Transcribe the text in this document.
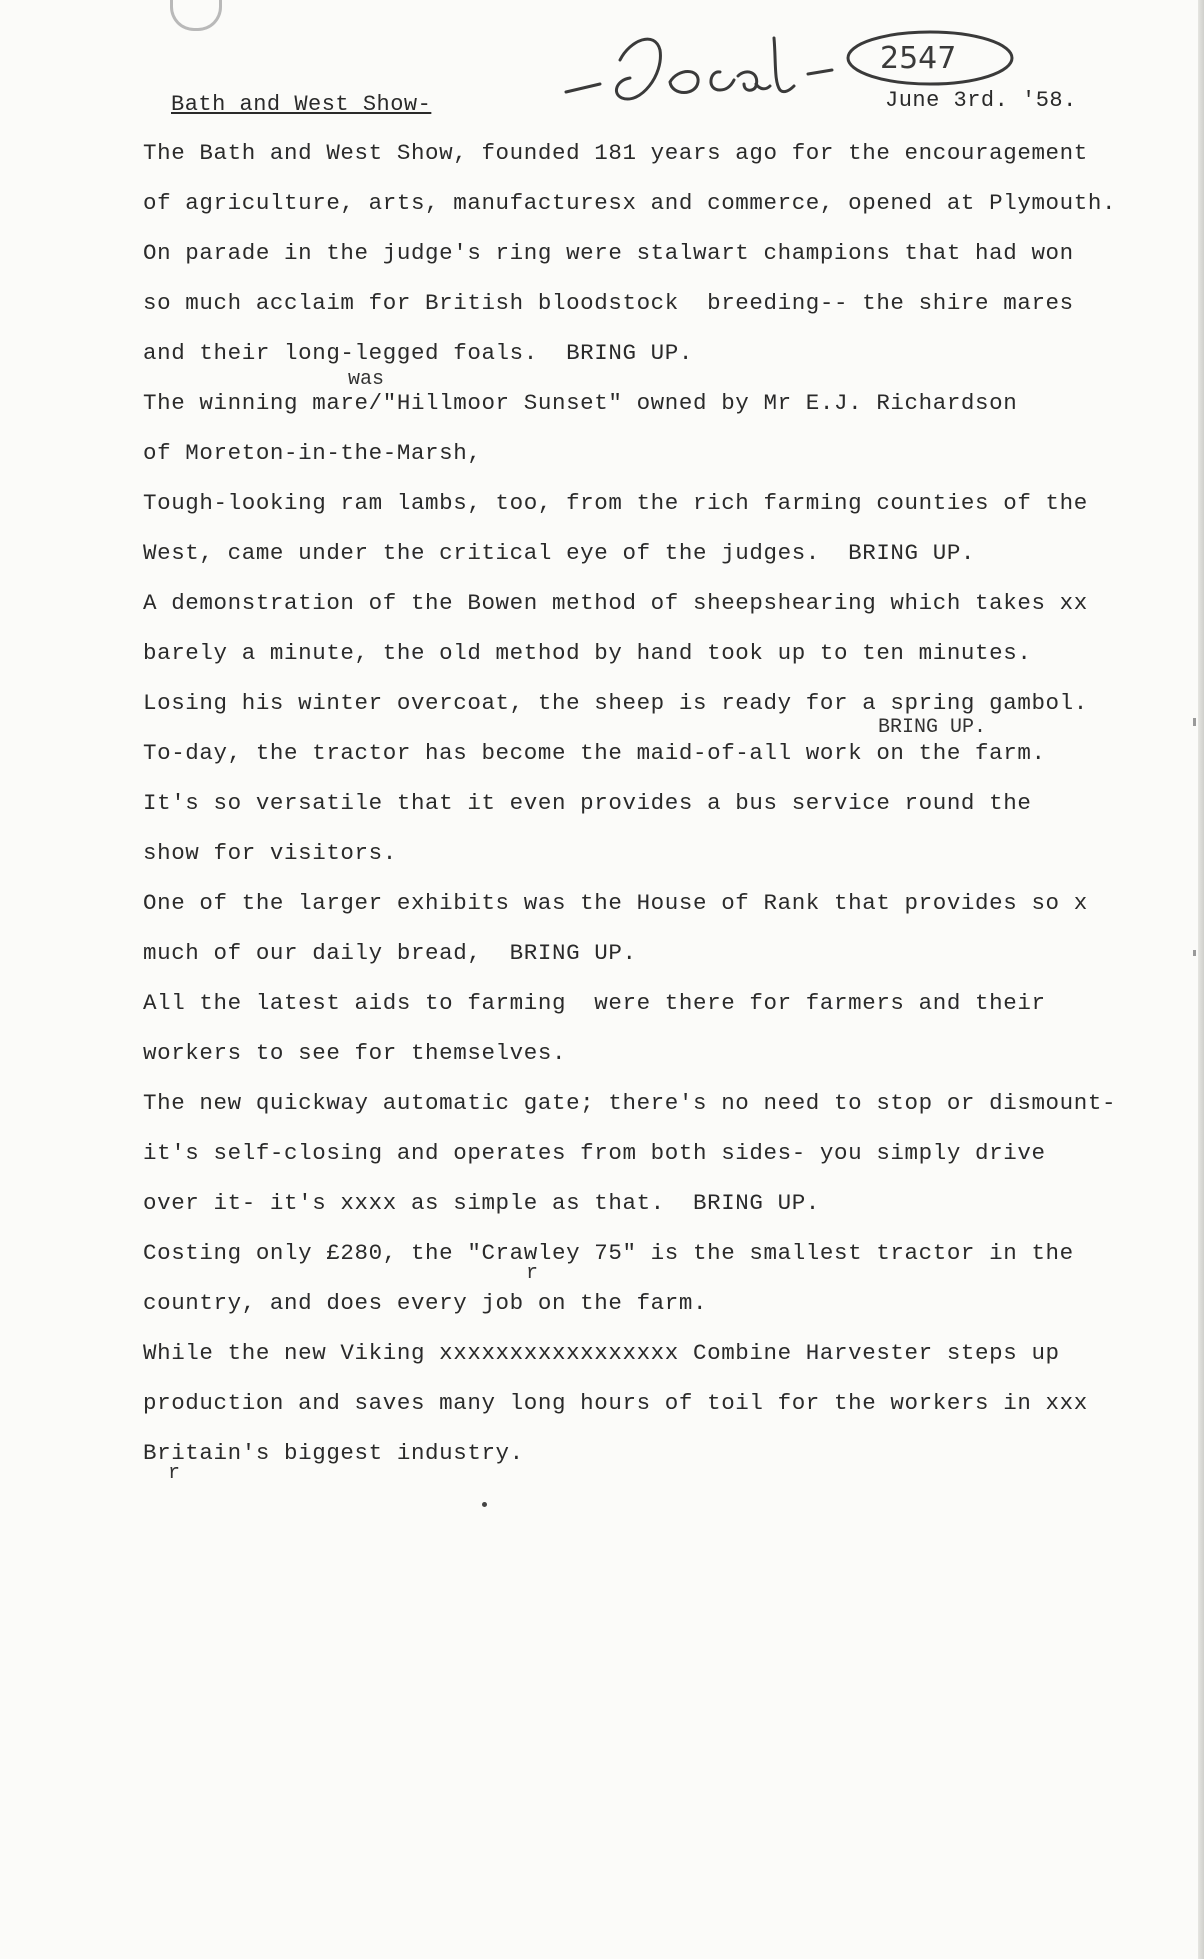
2547
- Local -
Bath and West Show-	June 3rd. '58.
The Bath and West Show, founded 181 years ago for the encouragement
of agriculture, arts, manufacturesx and commerce, opened at Plymouth.
On parade in the judge's ring were stalwart champions that had won
so much acclaim for British bloodstock  breeding-- the shire mares
and their long-legged foals.  BRING UP.
was
The winning mare/"Hillmoor Sunset" owned by Mr E.J. Richardson
of Moreton-in-the-Marsh,
Tough-looking ram lambs, too, from the rich farming counties of the
West, came under the critical eye of the judges.  BRING UP.
A demonstration of the Bowen method of sheepshearing which takes xx
barely a minute, the old method by hand took up to ten minutes.
Losing his winter overcoat, the sheep is ready for a spring gambol.
BRING UP.
To-day, the tractor has become the maid-of-all work on the farm.
It's so versatile that it even provides a bus service round the
show for visitors.
One of the larger exhibits was the House of Rank that provides so x
much of our daily bread,  BRING UP.
All the latest aids to farming  were there for farmers and their
workers to see for themselves.
The new quickway automatic gate; there's no need to stop or dismount-
it's self-closing and operates from both sides- you simply drive
over it- it's xxxx as simple as that.  BRING UP.
Costing only £280, the "Crawley 75" is the smallest tractor in the
r
country, and does every job on the farm.
While the new Viking xxxxxxxxxxxxxxxxx Combine Harvester steps up
production and saves many long hours of toil for the workers in xxx
Britain's biggest industry.
r
